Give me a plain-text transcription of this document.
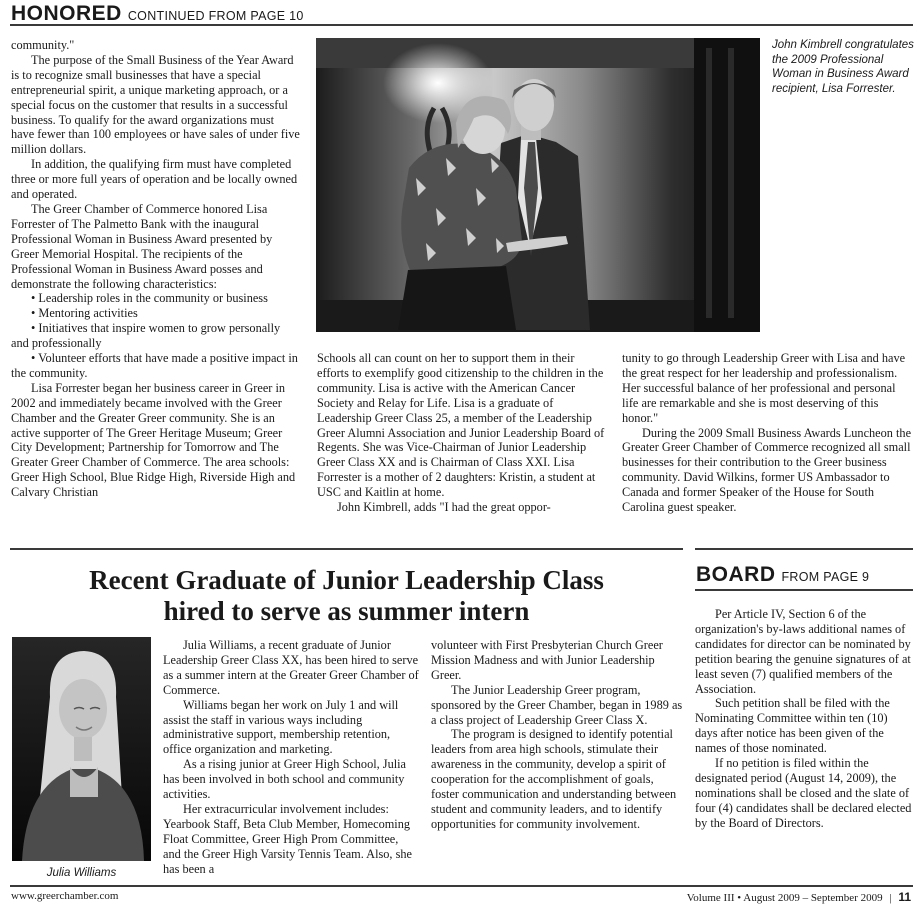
HONORED CONTINUED FROM PAGE 10

community."

The purpose of the Small Business of the Year Award is to recognize small businesses that have a special entrepreneurial spirit, a unique marketing approach, or a special focus on the customer that results in a successful business. To qualify for the award organizations must have fewer than 100 employees or have sales of under five million dollars.

In addition, the qualifying firm must have completed three or more full years of operation and be locally owned and operated.

The Greer Chamber of Commerce honored Lisa Forrester of The Palmetto Bank with the inaugural Professional Woman in Business Award presented by Greer Memorial Hospital. The recipients of the Professional Woman in Business Award posses and demonstrate the following characteristics:

• Leadership roles in the community or business

• Mentoring activities

• Initiatives that inspire women to grow personally and professionally

• Volunteer efforts that have made a positive impact in the community.

Lisa Forrester began her business career in Greer in 2002 and immediately became involved with the Greer Chamber and the Greater Greer community. She is an active supporter of The Greer Heritage Museum; Greer City Development; Partnership for Tomorrow and The Greater Greer Chamber of Commerce. The area schools: Greer High School, Blue Ridge High, Riverside High and Calvary Christian

John Kimbrell congratulates the 2009 Professional Woman in Business Award recipient, Lisa Forrester.

Schools all can count on her to support them in their efforts to exemplify good citizenship to the children in the community. Lisa is active with the American Cancer Society and Relay for Life. Lisa is a graduate of Leadership Greer Class 25, a member of the Leadership Greer Alumni Association and Junior Leadership Board of Regents. She was Vice-Chairman of Junior Leadership Greer Class XX and is Chairman of Class XXI. Lisa Forrester is a mother of 2 daughters: Kristin, a student at USC and Kaitlin at home.

John Kimbrell, adds "I had the great oppor-

tunity to go through Leadership Greer with Lisa and have the great respect for her leadership and professionalism. Her successful balance of her professional and personal life are remarkable and she is most deserving of this honor."

During the 2009 Small Business Awards Luncheon the Greater Greer Chamber of Commerce recognized all small businesses for their contribution to the Greer business community. David Wilkins, former US Ambassador to Canada and former Speaker of the House for South Carolina guest speaker.

Recent Graduate of Junior Leadership Class
hired to serve as summer intern
Julia Williams

Julia Williams, a recent graduate of Junior Leadership Greer Class XX, has been hired to serve as a summer intern at the Greater Greer Chamber of Commerce.

Williams began her work on July 1 and will assist the staff in various ways including administrative support, membership retention, office organization and marketing.

As a rising junior at Greer High School, Julia has been involved in both school and community activities.

Her extracurricular involvement includes: Yearbook Staff, Beta Club Member, Homecoming Float Committee, Greer High Prom Committee, and the Greer High Varsity Tennis Team. Also, she has been a

volunteer with First Presbyterian Church Greer Mission Madness and with Junior Leadership Greer.

The Junior Leadership Greer program, sponsored by the Greer Chamber, began in 1989 as a class project of Leadership Greer Class X.

The program is designed to identify potential leaders from area high schools, stimulate their awareness in the community, develop a spirit of cooperation for the accomplishment of goals, foster communication and understanding between student and community leaders, and to identify opportunities for community involvement.

BOARD FROM PAGE 9

Per Article IV, Section 6 of the organization's by-laws additional names of candidates for director can be nominated by petition bearing the genuine signatures of at least seven (7) qualified members of the Association.

Such petition shall be filed with the Nominating Committee within ten (10) days after notice has been given of the names of those nominated.

If no petition is filed within the designated period (August 14, 2009), the nominations shall be closed and the slate of four (4) candidates shall be declared elected by the Board of Directors.

www.greerchamber.com	Volume III • August 2009 – September 2009 | 11
